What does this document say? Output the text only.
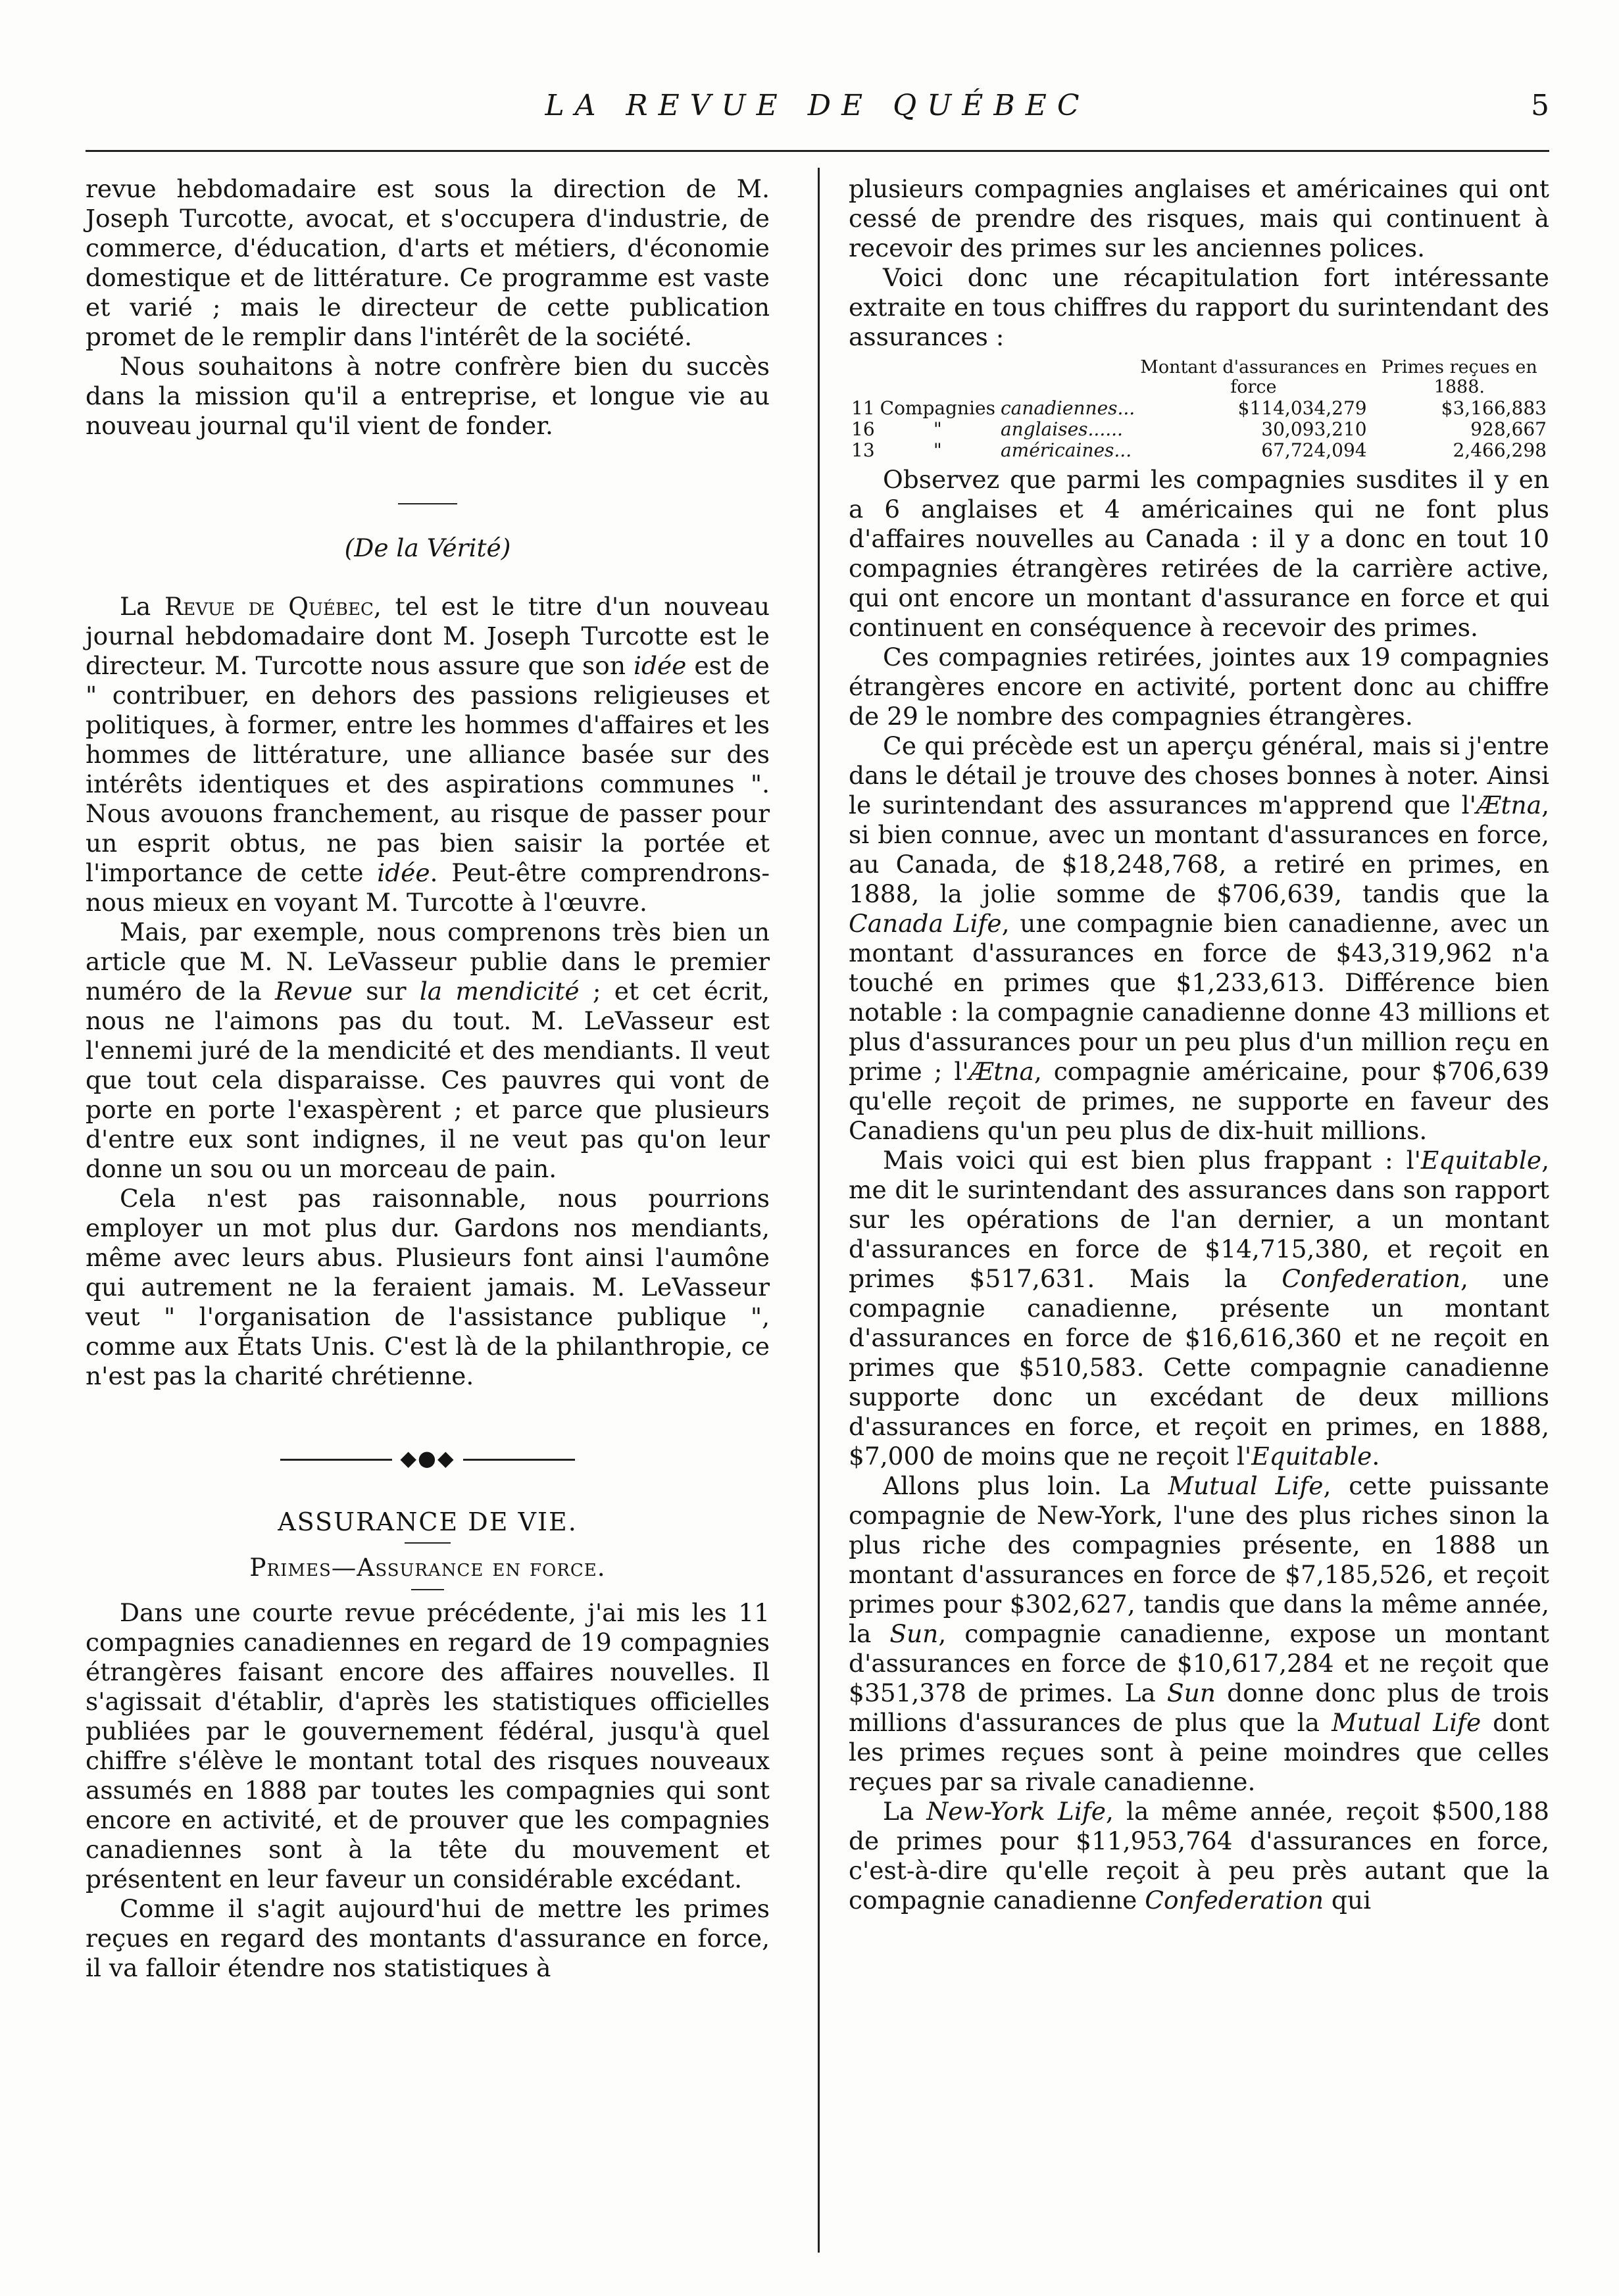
LA REVUE DE QUÉBEC	5

revue hebdomadaire est sous la direction de M. Joseph Turcotte, avocat, et s'occupera d'industrie, de commerce, d'éducation, d'arts et métiers, d'économie domestique et de littérature. Ce programme est vaste et varié ; mais le directeur de cette publication promet de le remplir dans l'intérêt de la société.

Nous souhaitons à notre confrère bien du succès dans la mission qu'il a entreprise, et longue vie au nouveau journal qu'il vient de fonder.

(De la Vérité)

La Revue de Québec, tel est le titre d'un nouveau journal hebdomadaire dont M. Joseph Turcotte est le directeur. M. Turcotte nous assure que son idée est de " contribuer, en dehors des passions religieuses et politiques, à former, entre les hommes d'affaires et les hommes de littérature, une alliance basée sur des intérêts identiques et des aspirations communes ". Nous avouons franchement, au risque de passer pour un esprit obtus, ne pas bien saisir la portée et l'importance de cette idée. Peut-être comprendrons-nous mieux en voyant M. Turcotte à l'œuvre.

Mais, par exemple, nous comprenons très bien un article que M. N. LeVasseur publie dans le premier numéro de la Revue sur la mendicité ; et cet écrit, nous ne l'aimons pas du tout. M. LeVasseur est l'ennemi juré de la mendicité et des mendiants. Il veut que tout cela disparaisse. Ces pauvres qui vont de porte en porte l'exaspèrent ; et parce que plusieurs d'entre eux sont indignes, il ne veut pas qu'on leur donne un sou ou un morceau de pain.

Cela n'est pas raisonnable, nous pourrions employer un mot plus dur. Gardons nos mendiants, même avec leurs abus. Plusieurs font ainsi l'aumône qui autrement ne la feraient jamais. M. LeVasseur veut " l'organisation de l'assistance publique ", comme aux États Unis. C'est là de la philanthropie, ce n'est pas la charité chrétienne.

◆●◆

ASSURANCE DE VIE.

Primes—Assurance en force.

Dans une courte revue précédente, j'ai mis les 11 compagnies canadiennes en regard de 19 compagnies étrangères faisant encore des affaires nouvelles. Il s'agissait d'établir, d'après les statistiques officielles publiées par le gouvernement fédéral, jusqu'à quel chiffre s'élève le montant total des risques nouveaux assumés en 1888 par toutes les compagnies qui sont encore en activité, et de prouver que les compagnies canadiennes sont à la tête du mouvement et présentent en leur faveur un considérable excédant.

Comme il s'agit aujourd'hui de mettre les primes reçues en regard des montants d'assurance en force, il va falloir étendre nos statistiques à

plusieurs compagnies anglaises et américaines qui ont cessé de prendre des risques, mais qui continuent à recevoir des primes sur les anciennes polices.

Voici donc une récapitulation fort intéressante extraite en tous chiffres du rapport du surintendant des assurances :

			Montant d'assurances en force	Primes reçues en 1888.
11	Compagnies	canadiennes...	$114,034,279	$3,166,883
16	"	anglaises......	30,093,210	928,667
13	"	américaines...	67,724,094	2,466,298

Observez que parmi les compagnies susdites il y en a 6 anglaises et 4 américaines qui ne font plus d'affaires nouvelles au Canada : il y a donc en tout 10 compagnies étrangères retirées de la carrière active, qui ont encore un montant d'assurance en force et qui continuent en conséquence à recevoir des primes.

Ces compagnies retirées, jointes aux 19 compagnies étrangères encore en activité, portent donc au chiffre de 29 le nombre des compagnies étrangères.

Ce qui précède est un aperçu général, mais si j'entre dans le détail je trouve des choses bonnes à noter. Ainsi le surintendant des assurances m'apprend que l'Ætna, si bien connue, avec un montant d'assurances en force, au Canada, de $18,248,768, a retiré en primes, en 1888, la jolie somme de $706,639, tandis que la Canada Life, une compagnie bien canadienne, avec un montant d'assurances en force de $43,319,962 n'a touché en primes que $1,233,613. Différence bien notable : la compagnie canadienne donne 43 millions et plus d'assurances pour un peu plus d'un million reçu en prime ; l'Ætna, compagnie américaine, pour $706,639 qu'elle reçoit de primes, ne supporte en faveur des Canadiens qu'un peu plus de dix-huit millions.

Mais voici qui est bien plus frappant : l'Equitable, me dit le surintendant des assurances dans son rapport sur les opérations de l'an dernier, a un montant d'assurances en force de $14,715,380, et reçoit en primes $517,631. Mais la Confederation, une compagnie canadienne, présente un montant d'assurances en force de $16,616,360 et ne reçoit en primes que $510,583. Cette compagnie canadienne supporte donc un excédant de deux millions d'assurances en force, et reçoit en primes, en 1888, $7,000 de moins que ne reçoit l'Equitable.

Allons plus loin. La Mutual Life, cette puissante compagnie de New-York, l'une des plus riches sinon la plus riche des compagnies présente, en 1888 un montant d'assurances en force de $7,185,526, et reçoit primes pour $302,627, tandis que dans la même année, la Sun, compagnie canadienne, expose un montant d'assurances en force de $10,617,284 et ne reçoit que $351,378 de primes. La Sun donne donc plus de trois millions d'assurances de plus que la Mutual Life dont les primes reçues sont à peine moindres que celles reçues par sa rivale canadienne.

La New-York Life, la même année, reçoit $500,188 de primes pour $11,953,764 d'assurances en force, c'est-à-dire qu'elle reçoit à peu près autant que la compagnie canadienne Confederation qui
